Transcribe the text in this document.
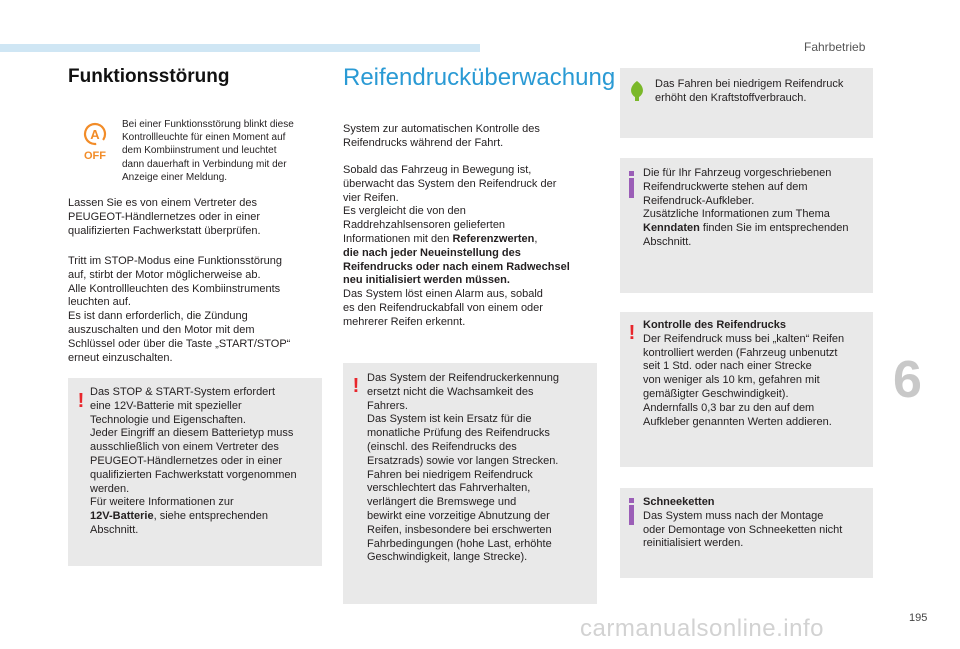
Fahrbetrieb
6
195
carmanualsonline.info
Funktionsstörung
A
OFF
Bei einer Funktionsstörung blinkt diese
Kontrollleuchte für einen Moment auf
dem Kombiinstrument und leuchtet
dann dauerhaft in Verbindung mit der
Anzeige einer Meldung.
Lassen Sie es von einem Vertreter des
PEUGEOT-Händlernetzes oder in einer
qualifizierten Fachwerkstatt überprüfen.
Tritt im STOP-Modus eine Funktionsstörung
auf, stirbt der Motor möglicherweise ab.
Alle Kontrollleuchten des Kombiinstruments
leuchten auf.
Es ist dann erforderlich, die Zündung
auszuschalten und den Motor mit dem
Schlüssel oder über die Taste „START/STOP“
erneut einzuschalten.
! Das STOP & START-System erfordert
eine 12V-Batterie mit spezieller
Technologie und Eigenschaften.
Jeder Eingriff an diesem Batterietyp muss
ausschließlich von einem Vertreter des
PEUGEOT-Händlernetzes oder in einer
qualifizierten Fachwerkstatt vorgenommen
werden.
Für weitere Informationen zur
12V-Batterie, siehe entsprechenden
Abschnitt.
Reifendrucküberwachung
System zur automatischen Kontrolle des
Reifendrucks während der Fahrt.
Sobald das Fahrzeug in Bewegung ist,
überwacht das System den Reifendruck der
vier Reifen.
Es vergleicht die von den
Raddrehzahlsensoren gelieferten
Informationen mit den Referenzwerten,
die nach jeder Neueinstellung des
Reifendrucks oder nach einem Radwechsel
neu initialisiert werden müssen.
Das System löst einen Alarm aus, sobald
es den Reifendruckabfall von einem oder
mehrerer Reifen erkennt.
! Das System der Reifendruckerkennung
ersetzt nicht die Wachsamkeit des
Fahrers.
Das System ist kein Ersatz für die
monatliche Prüfung des Reifendrucks
(einschl. des Reifendrucks des
Ersatzrads) sowie vor langen Strecken.
Fahren bei niedrigem Reifendruck
verschlechtert das Fahrverhalten,
verlängert die Bremswege und
bewirkt eine vorzeitige Abnutzung der
Reifen, insbesondere bei erschwerten
Fahrbedingungen (hohe Last, erhöhte
Geschwindigkeit, lange Strecke).
Das Fahren bei niedrigem Reifendruck
erhöht den Kraftstoffverbrauch.
Die für Ihr Fahrzeug vorgeschriebenen
Reifendruckwerte stehen auf dem
Reifendruck-Aufkleber.
Zusätzliche Informationen zum Thema
Kenndaten finden Sie im entsprechenden
Abschnitt.
! Kontrolle des Reifendrucks
Der Reifendruck muss bei „kalten“ Reifen
kontrolliert werden (Fahrzeug unbenutzt
seit 1 Std. oder nach einer Strecke
von weniger als 10 km, gefahren mit
gemäßigter Geschwindigkeit).
Andernfalls 0,3 bar zu den auf dem
Aufkleber genannten Werten addieren.
Schneeketten
Das System muss nach der Montage
oder Demontage von Schneeketten nicht
reinitialisiert werden.
